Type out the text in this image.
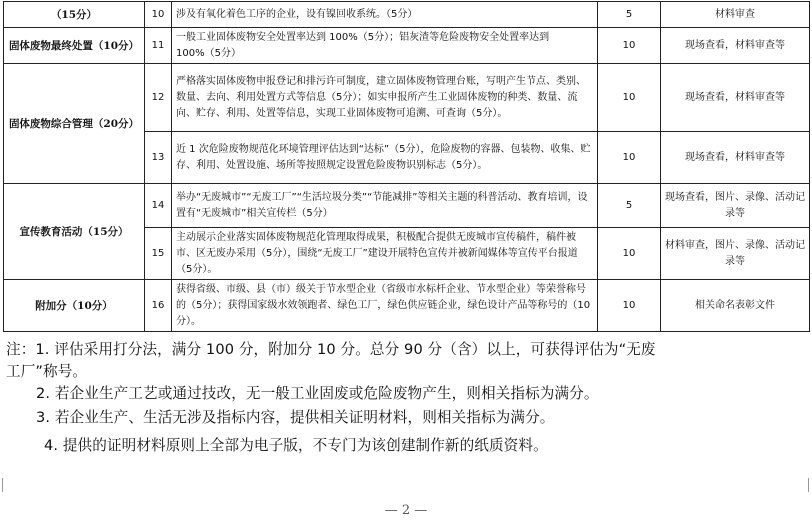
（15分）	10	涉及有氧化着色工序的企业，设有镍回收系统。（5分）	5	材料审查
固体废物最终处置（10分）	11	一般工业固体废物安全处置率达到 100%（5分）；铝灰渣等危险废物安全处置率达到 100%（5分）	10	现场查看，材料审查等
固体废物综合管理（20分）	12	严格落实固体废物申报登记和排污许可制度，建立固体废物管理台账，写明产生节点、类别、数量、去向、利用处置方式等信息（5分）；如实申报所产生工业固体废物的种类、数量、流向、贮存、利用、处置等信息，实现工业固体废物可追溯、可查询（5分）。	10	现场查看，材料审查等
	13	近 1 次危险废物规范化环境管理评估达到“达标”（5分），危险废物的容器、包装物、收集、贮存、利用、处置设施、场所等按照规定设置危险废物识别标志（5分）。	10	现场查看，材料审查等
宣传教育活动（15分）	14	举办“无废城市”“无废工厂”“生活垃圾分类”“节能减排”等相关主题的科普活动、教育培训，设置有“无废城市”相关宣传栏（5分）	5	现场查看，图片、录像、活动记录等
	15	主动展示企业落实固体废物规范化管理取得成果，积极配合提供无废城市宣传稿件，稿件被市、区无废办采用（5分），围绕“无废工厂”建设开展特色宣传并被新闻媒体等宣传平台报道（5分）。	10	材料审查，图片、录像、活动记录等
附加分（10分）	16	获得省级、市级、县（市）级关于节水型企业（省级市水标杆企业、节水型企业）等荣誉称号的（5分）；获得国家级水效领跑者、绿色工厂，绿色供应链企业，绿色设计产品等称号的（10分）。	10	相关命名表彰文件
注：1. 评估采用打分法，满分 100 分，附加分 10 分。总分 90 分（含）以上，可获得评估为“无废
工厂”称号。
2. 若企业生产工艺或通过技改，无一般工业固废或危险废物产生，则相关指标为满分。
3. 若企业生产、生活无涉及指标内容，提供相关证明材料，则相关指标为满分。
4. 提供的证明材料原则上全部为电子版，不专门为该创建制作新的纸质资料。
— 2 —
